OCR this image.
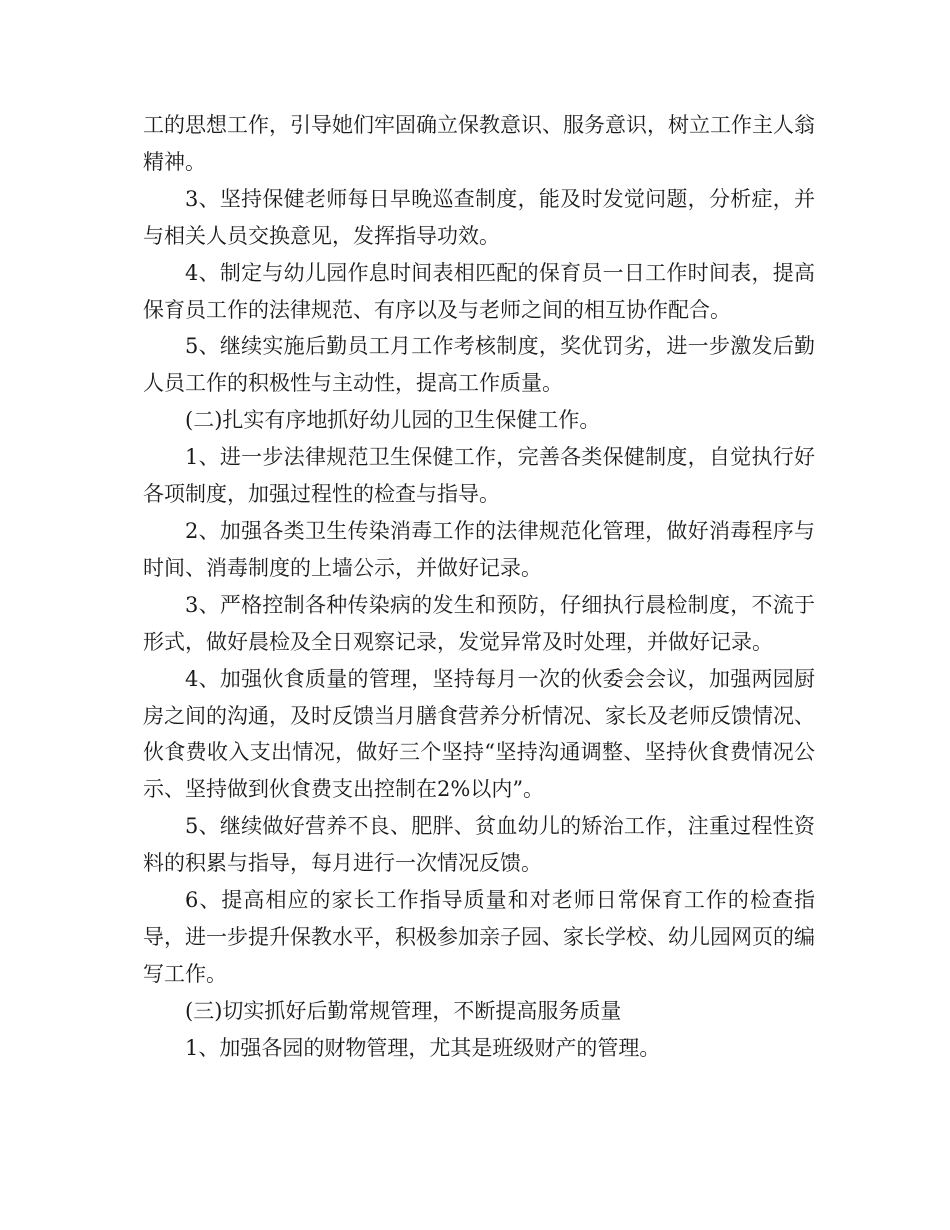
工的思想工作，引导她们牢固确立保教意识、服务意识，树立工作主人翁精神。

3、坚持保健老师每日早晚巡查制度，能及时发觉问题，分析症，并与相关人员交换意见，发挥指导功效。

4、制定与幼儿园作息时间表相匹配的保育员一日工作时间表，提高保育员工作的法律规范、有序以及与老师之间的相互协作配合。

5、继续实施后勤员工月工作考核制度，奖优罚劣，进一步激发后勤人员工作的积极性与主动性，提高工作质量。

(二)扎实有序地抓好幼儿园的卫生保健工作。

1、进一步法律规范卫生保健工作，完善各类保健制度，自觉执行好各项制度，加强过程性的检查与指导。

2、加强各类卫生传染消毒工作的法律规范化管理，做好消毒程序与时间、消毒制度的上墙公示，并做好记录。

3、严格控制各种传染病的发生和预防，仔细执行晨检制度，不流于形式，做好晨检及全日观察记录，发觉异常及时处理，并做好记录。

4、加强伙食质量的管理，坚持每月一次的伙委会会议，加强两园厨房之间的沟通，及时反馈当月膳食营养分析情况、家长及老师反馈情况、伙食费收入支出情况，做好三个坚持“坚持沟通调整、坚持伙食费情况公示、坚持做到伙食费支出控制在2%以内”。

5、继续做好营养不良、肥胖、贫血幼儿的矫治工作，注重过程性资料的积累与指导，每月进行一次情况反馈。

6、提高相应的家长工作指导质量和对老师日常保育工作的检查指导，进一步提升保教水平，积极参加亲子园、家长学校、幼儿园网页的编写工作。

(三)切实抓好后勤常规管理，不断提高服务质量

1、加强各园的财物管理，尤其是班级财产的管理。
